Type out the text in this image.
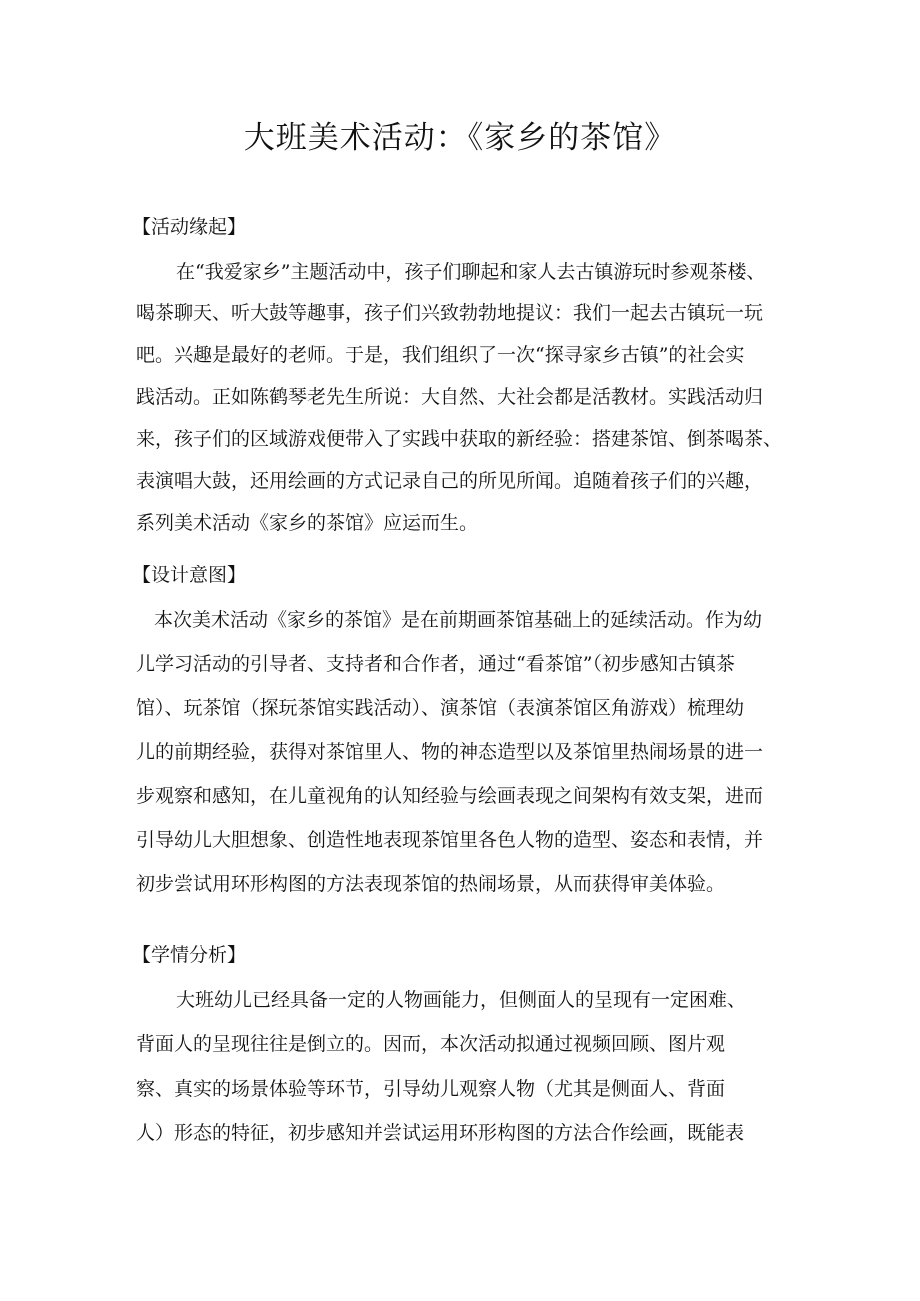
大班美术活动：《家乡的茶馆》

【活动缘起】

在“我爱家乡”主题活动中，孩子们聊起和家人去古镇游玩时参观茶楼、

喝茶聊天、听大鼓等趣事，孩子们兴致勃勃地提议：我们一起去古镇玩一玩

吧。兴趣是最好的老师。于是，我们组织了一次“探寻家乡古镇”的社会实

践活动。正如陈鹤琴老先生所说：大自然、大社会都是活教材。实践活动归

来，孩子们的区域游戏便带入了实践中获取的新经验：搭建茶馆、倒茶喝茶、

表演唱大鼓，还用绘画的方式记录自己的所见所闻。追随着孩子们的兴趣，

系列美术活动《家乡的茶馆》应运而生。

【设计意图】

本次美术活动《家乡的茶馆》是在前期画茶馆基础上的延续活动。作为幼

儿学习活动的引导者、支持者和合作者，通过“看茶馆”（初步感知古镇茶

馆）、玩茶馆（探玩茶馆实践活动）、演茶馆（表演茶馆区角游戏）梳理幼

儿的前期经验，获得对茶馆里人、物的神态造型以及茶馆里热闹场景的进一

步观察和感知，在儿童视角的认知经验与绘画表现之间架构有效支架，进而

引导幼儿大胆想象、创造性地表现茶馆里各色人物的造型、姿态和表情，并

初步尝试用环形构图的方法表现茶馆的热闹场景，从而获得审美体验。

【学情分析】

大班幼儿已经具备一定的人物画能力，但侧面人的呈现有一定困难、

背面人的呈现往往是倒立的。因而，本次活动拟通过视频回顾、图片观

察、真实的场景体验等环节，引导幼儿观察人物（尤其是侧面人、背面

人）形态的特征，初步感知并尝试运用环形构图的方法合作绘画，既能表
